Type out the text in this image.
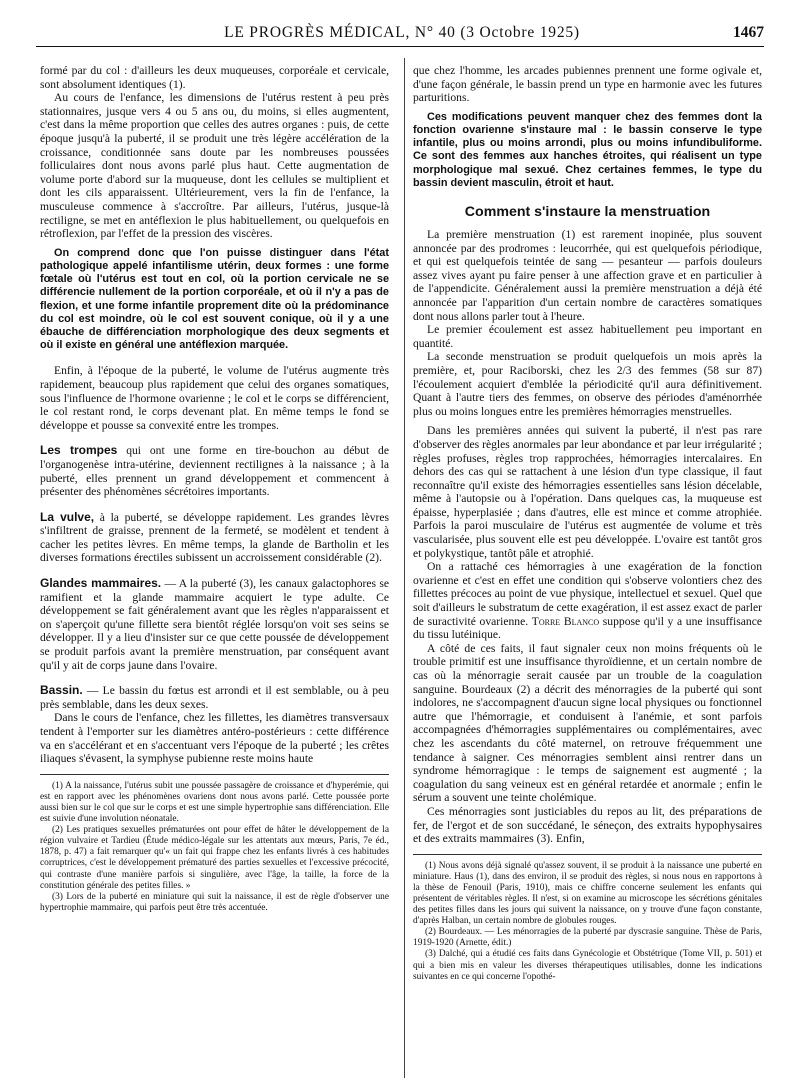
LE PROGRÈS MÉDICAL, N° 40 (3 Octobre 1925)	1467

formé par du col : d'ailleurs les deux muqueuses, corporéale et cervicale, sont absolument identiques (1).

Au cours de l'enfance, les dimensions de l'utérus restent à peu près stationnaires, jusque vers 4 ou 5 ans ou, du moins, si elles augmentent, c'est dans la même proportion que celles des autres organes : puis, de cette époque jusqu'à la puberté, il se produit une très légère accélération de la croissance, conditionnée sans doute par les nombreuses poussées folliculaires dont nous avons parlé plus haut. Cette augmentation de volume porte d'abord sur la muqueuse, dont les cellules se multiplient et dont les cils apparaissent. Ultérieurement, vers la fin de l'enfance, la musculeuse commence à s'accroître. Par ailleurs, l'utérus, jusque-là rectiligne, se met en antéflexion le plus habituellement, ou quelquefois en rétroflexion, par l'effet de la pression des viscères.

On comprend donc que l'on puisse distinguer dans l'état pathologique appelé infantilisme utérin, deux formes : une forme fœtale où l'utérus est tout en col, où la portion cervicale ne se différencie nullement de la portion corporéale, et où il n'y a pas de flexion, et une forme infantile proprement dite où la prédominance du col est moindre, où le col est souvent conique, où il y a une ébauche de différenciation morphologique des deux segments et où il existe en général une antéflexion marquée.

Enfin, à l'époque de la puberté, le volume de l'utérus augmente très rapidement, beaucoup plus rapidement que celui des organes somatiques, sous l'influence de l'hormone ovarienne ; le col et le corps se différencient, le col restant rond, le corps devenant plat. En même temps le fond se développe et pousse sa convexité entre les trompes.

Les trompes qui ont une forme en tire-bouchon au début de l'organogenèse intra-utérine, deviennent rectilignes à la naissance ; à la puberté, elles prennent un grand développement et commencent à présenter des phénomènes sécrétoires importants.

La vulve, à la puberté, se développe rapidement. Les grandes lèvres s'infiltrent de graisse, prennent de la fermeté, se modèlent et tendent à cacher les petites lèvres. En même temps, la glande de Bartholin et les diverses formations érectiles subissent un accroissement considérable (2).

Glandes mammaires. — A la puberté (3), les canaux galactophores se ramifient et la glande mammaire acquiert le type adulte. Ce développement se fait généralement avant que les règles n'apparaissent et on s'aperçoit qu'une fillette sera bientôt réglée lorsqu'on voit ses seins se développer. Il y a lieu d'insister sur ce que cette poussée de développement se produit parfois avant la première menstruation, par conséquent avant qu'il y ait de corps jaune dans l'ovaire.

Bassin. — Le bassin du fœtus est arrondi et il est semblable, ou à peu près semblable, dans les deux sexes.

Dans le cours de l'enfance, chez les fillettes, les diamètres transversaux tendent à l'emporter sur les diamètres antéro-postérieurs : cette différence va en s'accélérant et en s'accentuant vers l'époque de la puberté ; les crêtes iliaques s'évasent, la symphyse pubienne reste moins haute

(1) A la naissance, l'utérus subit une poussée passagère de croissance et d'hyperémie, qui est en rapport avec les phénomènes ovariens dont nous avons parlé. Cette poussée porte aussi bien sur le col que sur le corps et est une simple hypertrophie sans différenciation. Elle est suivie d'une involution néonatale.

(2) Les pratiques sexuelles prématurées ont pour effet de hâter le développement de la région vulvaire et Tardieu (Étude médico-légale sur les attentats aux mœurs, Paris, 7e éd., 1878, p. 47) a fait remarquer qu'« un fait qui frappe chez les enfants livrés à ces habitudes corruptrices, c'est le développement prématuré des parties sexuelles et l'excessive précocité, qui contraste d'une manière parfois si singulière, avec l'âge, la taille, la force de la constitution générale des petites filles. »

(3) Lors de la puberté en miniature qui suit la naissance, il est de règle d'observer une hypertrophie mammaire, qui parfois peut être très accentuée.

que chez l'homme, les arcades pubiennes prennent une forme ogivale et, d'une façon générale, le bassin prend un type en harmonie avec les futures parturitions.

Ces modifications peuvent manquer chez des femmes dont la fonction ovarienne s'instaure mal : le bassin conserve le type infantile, plus ou moins arrondi, plus ou moins infundibuliforme. Ce sont des femmes aux hanches étroites, qui réalisent un type morphologique mal sexué. Chez certaines femmes, le type du bassin devient masculin, étroit et haut.

Comment s'instaure la menstruation

La première menstruation (1) est rarement inopinée, plus souvent annoncée par des prodromes : leucorrhée, qui est quelquefois périodique, et qui est quelquefois teintée de sang — pesanteur — parfois douleurs assez vives ayant pu faire penser à une affection grave et en particulier à de l'appendicite. Généralement aussi la première menstruation a déjà été annoncée par l'apparition d'un certain nombre de caractères somatiques dont nous allons parler tout à l'heure.

Le premier écoulement est assez habituellement peu important en quantité.

La seconde menstruation se produit quelquefois un mois après la première, et, pour Raciborski, chez les 2/3 des femmes (58 sur 87) l'écoulement acquiert d'emblée la périodicité qu'il aura définitivement. Quant à l'autre tiers des femmes, on observe des périodes d'aménorrhée plus ou moins longues entre les premières hémorragies menstruelles.

Dans les premières années qui suivent la puberté, il n'est pas rare d'observer des règles anormales par leur abondance et par leur irrégularité ; règles profuses, règles trop rapprochées, hémorragies intercalaires. En dehors des cas qui se rattachent à une lésion d'un type classique, il faut reconnaître qu'il existe des hémorragies essentielles sans lésion décelable, même à l'autopsie ou à l'opération. Dans quelques cas, la muqueuse est épaisse, hyperplasiée ; dans d'autres, elle est mince et comme atrophiée. Parfois la paroi musculaire de l'utérus est augmentée de volume et très vascularisée, plus souvent elle est peu développée. L'ovaire est tantôt gros et polykystique, tantôt pâle et atrophié.

On a rattaché ces hémorragies à une exagération de la fonction ovarienne et c'est en effet une condition qui s'observe volontiers chez des fillettes précoces au point de vue physique, intellectuel et sexuel. Quel que soit d'ailleurs le substratum de cette exagération, il est assez exact de parler de suractivité ovarienne. Torre Blanco suppose qu'il y a une insuffisance du tissu lutéinique.

A côté de ces faits, il faut signaler ceux non moins fréquents où le trouble primitif est une insuffisance thyroïdienne, et un certain nombre de cas où la ménorragie serait causée par un trouble de la coagulation sanguine. Bourdeaux (2) a décrit des ménorragies de la puberté qui sont indolores, ne s'accompagnent d'aucun signe local physiques ou fonctionnel autre que l'hémorragie, et conduisent à l'anémie, et sont parfois accompagnées d'hémorragies supplémentaires ou complémentaires, avec chez les ascendants du côté maternel, on retrouve fréquemment une tendance à saigner. Ces ménorragies semblent ainsi rentrer dans un syndrome hémorragique : le temps de saignement est augmenté ; la coagulation du sang veineux est en général retardée et anormale ; enfin le sérum a souvent une teinte cholémique.

Ces ménorragies sont justiciables du repos au lit, des préparations de fer, de l'ergot et de son succédané, le séneçon, des extraits hypophysaires et des extraits mammaires (3). Enfin,

(1) Nous avons déjà signalé qu'assez souvent, il se produit à la naissance une puberté en miniature. Haus (1), dans des environ, il se produit des règles, si nous nous en rapportons à la thèse de Fenouil (Paris, 1910), mais ce chiffre concerne seulement les enfants qui présentent de véritables règles. Il n'est, si on examine au microscope les sécrétions génitales des petites filles dans les jours qui suivent la naissance, on y trouve d'une façon constante, d'après Halban, un certain nombre de globules rouges.

(2) Bourdeaux. — Les ménorragies de la puberté par dyscrasie sanguine. Thèse de Paris, 1919-1920 (Arnette, édit.)

(3) Dalché, qui a étudié ces faits dans Gynécologie et Obstétrique (Tome VII, p. 501) et qui a bien mis en valeur les diverses thérapeutiques utilisables, donne les indications suivantes en ce qui concerne l'opothé-
